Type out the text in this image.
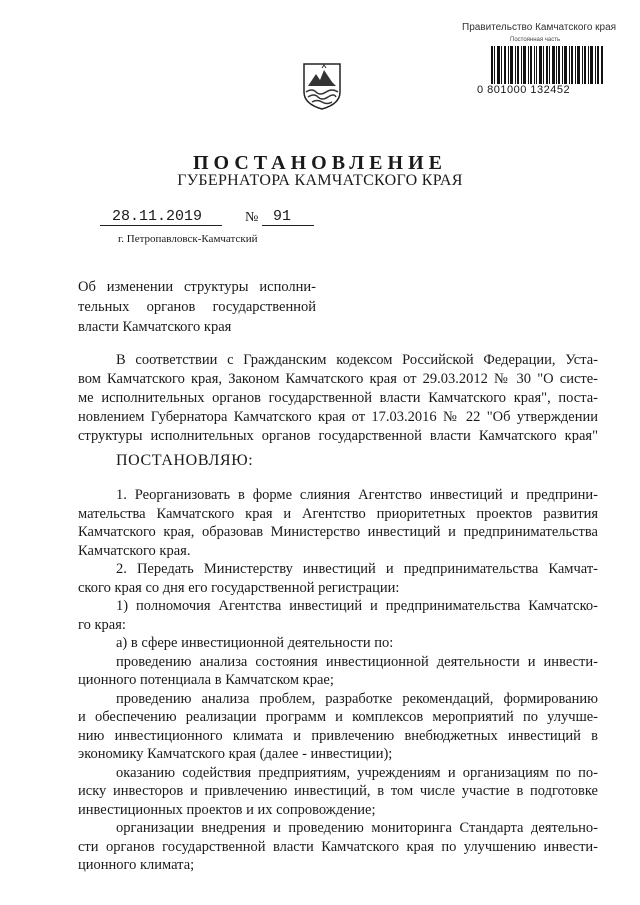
Правительство Камчатского края
Постоянная часть
0 801000 132452
ПОСТАНОВЛЕНИЕ
ГУБЕРНАТОРА КАМЧАТСКОГО КРАЯ
28.11.2019	№ 91
г. Петропавловск-Камчатский

Об изменении структуры исполни-

тельных органов государственной

власти Камчатского края

В соответствии с Гражданским кодексом Российской Федерации, Уста-
вом Камчатского края, Законом Камчатского края от 29.03.2012 № 30 "О систе-
ме исполнительных органов государственной власти Камчатского края", поста-
новлением Губернатора Камчатского края от 17.03.2016 № 22 "Об утверждении
структуры исполнительных органов государственной власти Камчатского края"
ПОСТАНОВЛЯЮ:
1. Реорганизовать в форме слияния Агентство инвестиций и предприни-
мательства Камчатского края и Агентство приоритетных проектов развития
Камчатского края, образовав Министерство инвестиций и предпринимательства
Камчатского края.
2. Передать Министерству инвестиций и предпринимательства Камчат-
ского края со дня его государственной регистрации:
1) полномочия Агентства инвестиций и предпринимательства Камчатско-
го края:
а) в сфере инвестиционной деятельности по:
проведению анализа состояния инвестиционной деятельности и инвести-
ционного потенциала в Камчатском крае;
проведению анализа проблем, разработке рекомендаций, формированию
и обеспечению реализации программ и комплексов мероприятий по улучше-
нию инвестиционного климата и привлечению внебюджетных инвестиций в
экономику Камчатского края (далее - инвестиции);
оказанию содействия предприятиям, учреждениям и организациям по по-
иску инвесторов и привлечению инвестиций, в том числе участие в подготовке
инвестиционных проектов и их сопровождение;
организации внедрения и проведению мониторинга Стандарта деятельно-
сти органов государственной власти Камчатского края по улучшению инвести-
ционного климата;
